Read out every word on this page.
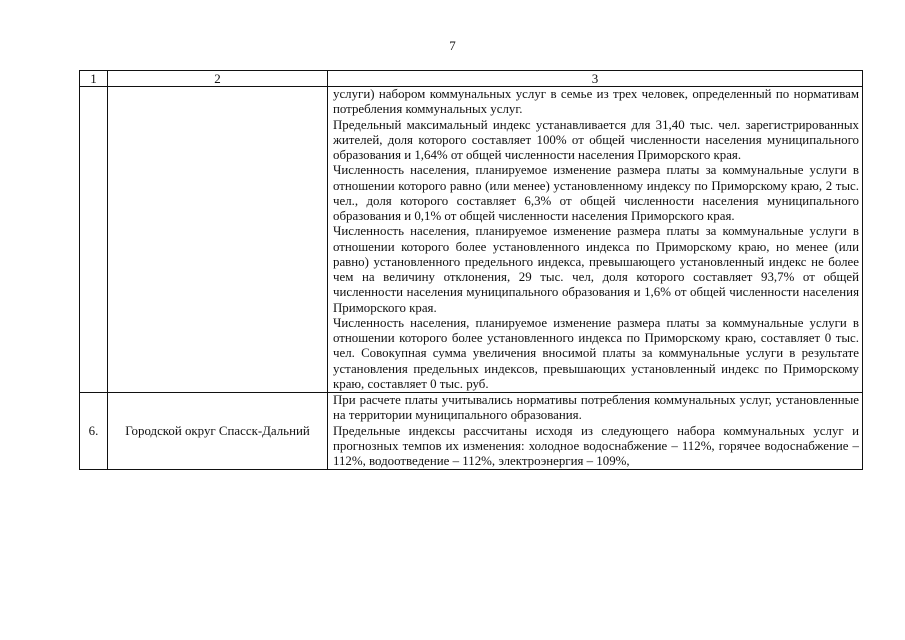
7
1	2	3

		услуги) набором коммунальных услуг в семье из трех человек, определенный по нормативам потребления коммунальных услуг.

Предельный максимальный индекс устанавливается для 31,40 тыс. чел. зарегистрированных жителей, доля которого составляет 100% от общей численности населения муниципального образования и 1,64% от общей численности населения Приморского края.

Численность населения, планируемое изменение размера платы за коммунальные услуги в отношении которого равно (или менее) установленному индексу по Приморскому краю, 2 тыс. чел., доля которого составляет 6,3% от общей численности населения муниципального образования и 0,1% от общей численности населения Приморского края.

Численность населения, планируемое изменение размера платы за коммунальные услуги в отношении которого более установленного индекса по Приморскому краю, но менее (или равно) установленного предельного индекса, превышающего установленный индекс не более чем на величину отклонения, 29 тыс. чел, доля которого составляет 93,7% от общей численности населения муниципального образования и 1,6% от общей численности населения Приморского края.

Численность населения, планируемое изменение размера платы за коммунальные услуги в отношении которого более установленного индекса по Приморскому краю, составляет 0 тыс. чел. Совокупная сумма увеличения вносимой платы за коммунальные услуги в результате установления предельных индексов, превышающих установленный индекс по Приморскому краю, составляет 0 тыс. руб.

6.	Городской округ Спасск-Дальний	При расчете платы учитывались нормативы потребления коммунальных услуг, установленные на территории муниципального образования.

Предельные индексы рассчитаны исходя из следующего набора коммунальных услуг и прогнозных темпов их изменения: холодное водоснабжение – 112%, горячее водоснабжение – 112%, водоотведение – 112%, электроэнергия – 109%,
